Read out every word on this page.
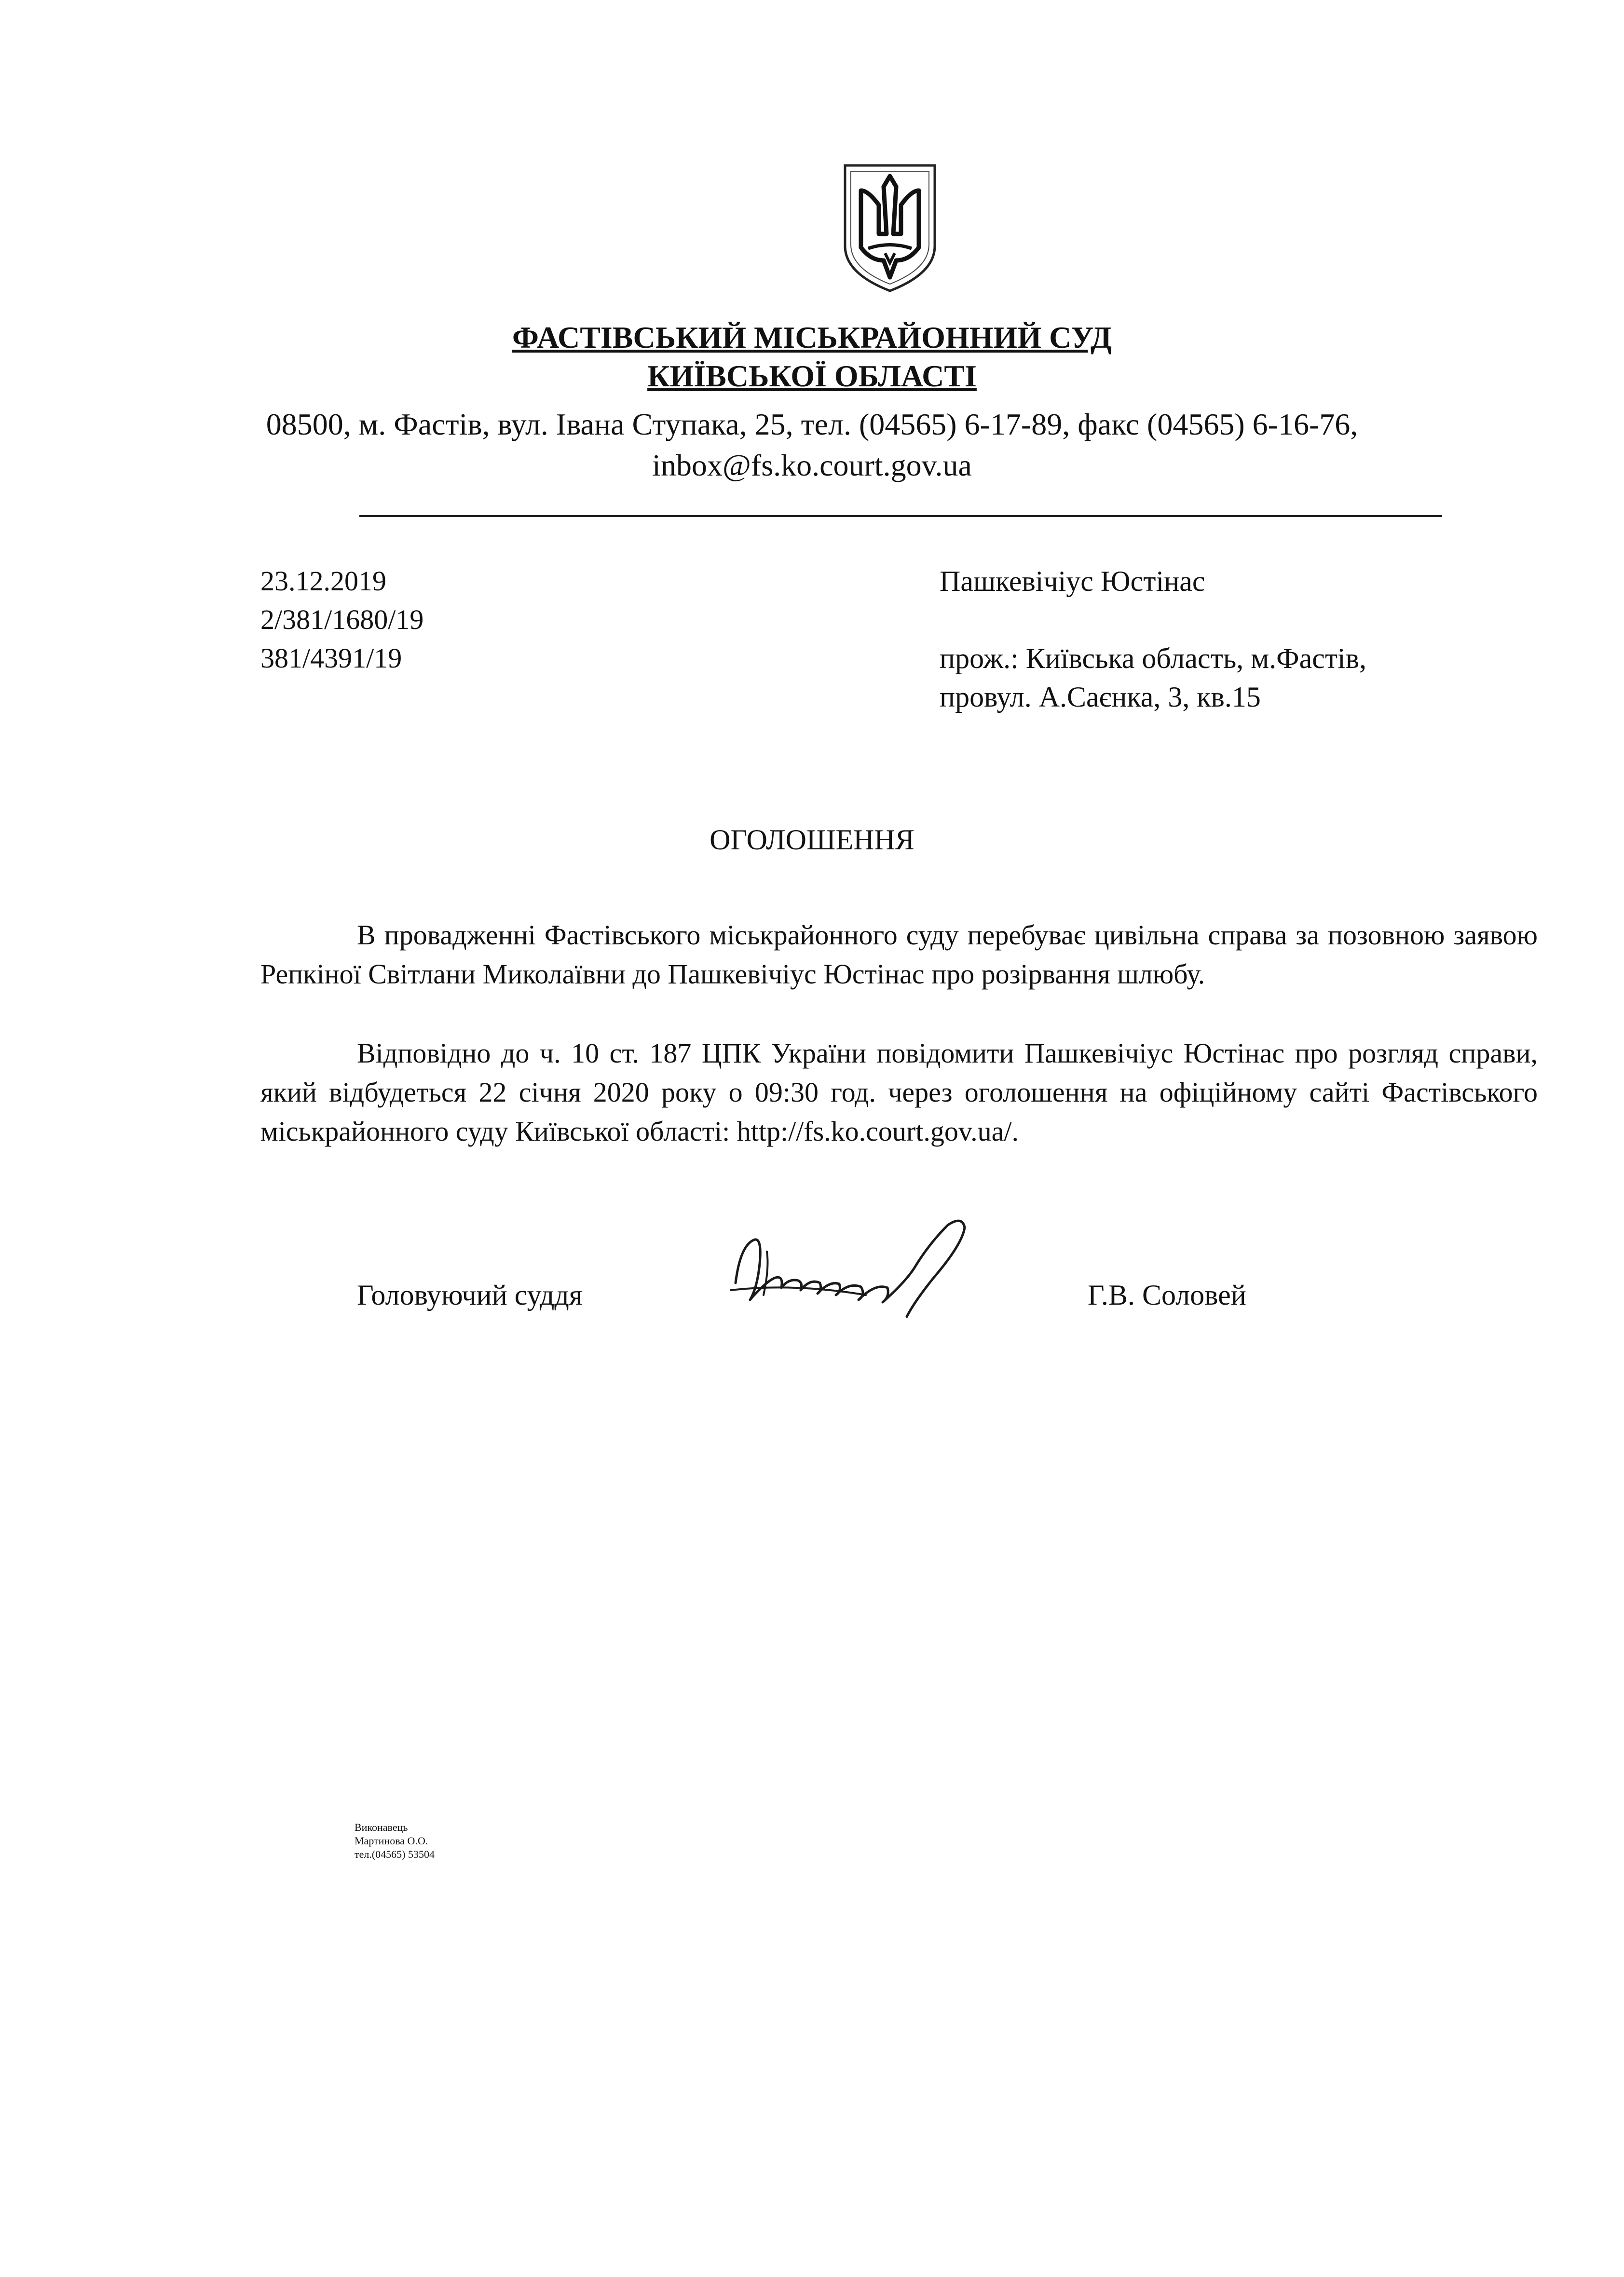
ФАСТІВСЬКИЙ МІСЬКРАЙОННИЙ СУД
КИЇВСЬКОЇ ОБЛАСТІ
08500, м. Фастів, вул. Івана Ступака, 25, тел. (04565) 6-17-89, факс (04565) 6-16-76,
inbox@fs.ko.court.gov.ua
23.12.2019
2/381/1680/19
381/4391/19
Пашкевічіус Юстінас
прож.: Київська область, м.Фастів,
провул. А.Саєнка, 3, кв.15
ОГОЛОШЕННЯ

В провадженні Фастівського міськрайонного суду перебуває цивільна справа за позовною заявою Репкіної Світлани Миколаївни до Пашкевічіус Юстінас про розірвання шлюбу.

Відповідно до ч. 10 ст. 187 ЦПК України повідомити Пашкевічіус Юстінас про розгляд справи, який відбудеться 22 січня 2020 року о 09:30 год. через оголошення на офіційному сайті Фастівського міськрайонного суду Київської області: http://fs.ko.court.gov.ua/.

Головуючий суддя	Г.В. Соловей
Виконавець
Мартинова О.О.
тел.(04565) 53504
